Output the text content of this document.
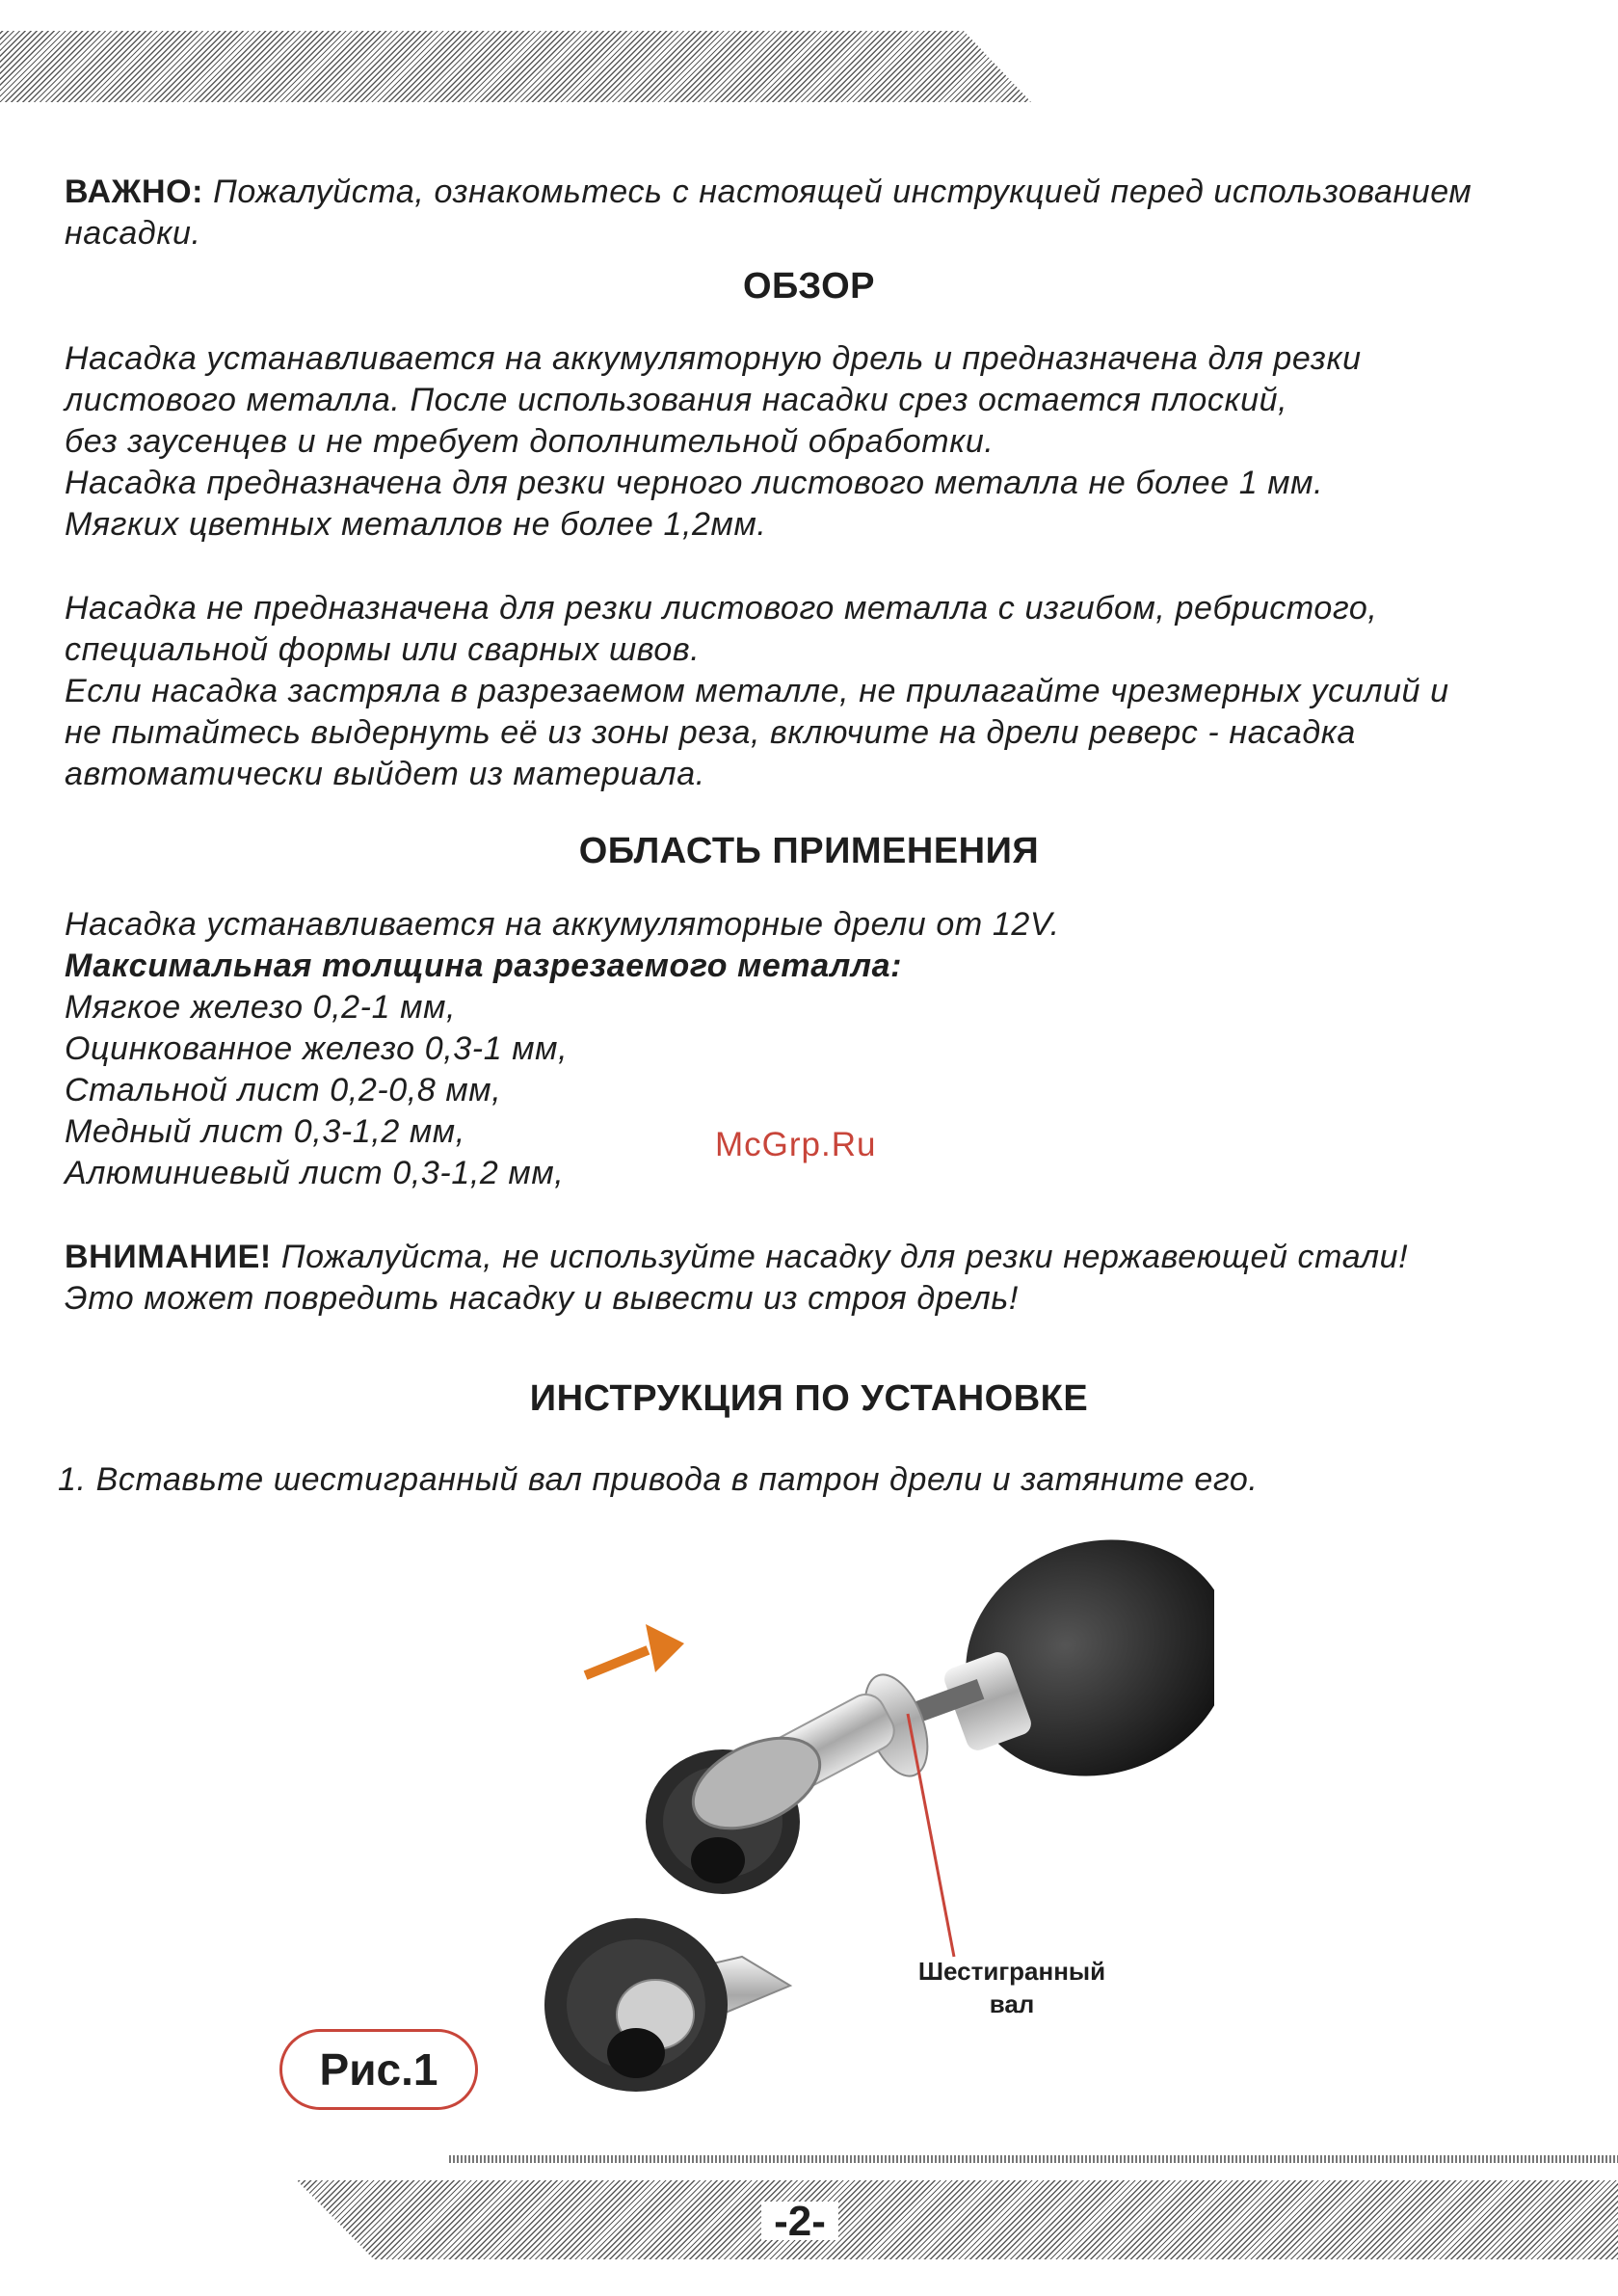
ВАЖНО: Пожалуйста, ознакомьтесь с настоящей инструкцией перед использованием
насадки.
ОБЗОР
Насадка устанавливается на аккумуляторную дрель и предназначена для резки
листового металла. После использования насадки срез остается плоский,
без заусенцев и не требует дополнительной обработки.
Насадка предназначена для резки черного листового металла не более 1 мм.
Мягких цветных металлов не более 1,2мм.
Насадка не предназначена для резки листового металла с изгибом, ребристого,
специальной формы или сварных швов.
Если насадка застряла в разрезаемом металле, не прилагайте чрезмерных усилий и
не пытайтесь выдернуть её из зоны реза, включите на дрели реверс - насадка
автоматически выйдет из материала.
ОБЛАСТЬ ПРИМЕНЕНИЯ
Насадка устанавливается на аккумуляторные дрели от 12V.
Максимальная толщина разрезаемого металла:
Мягкое железо 0,2-1 мм,
Оцинкованное железо 0,3-1 мм,
Стальной лист 0,2-0,8 мм,
Медный лист 0,3-1,2 мм,
Алюминиевый лист 0,3-1,2 мм,
McGrp.Ru
ВНИМАНИЕ! Пожалуйста, не используйте насадку для резки нержавеющей стали!
Это может повредить насадку и вывести из строя дрель!
ИНСТРУКЦИЯ ПО УСТАНОВКЕ
1. Вставьте шестигранный вал привода в патрон дрели и затяните его.
Шестигранный
вал
Рис.1
-2-
